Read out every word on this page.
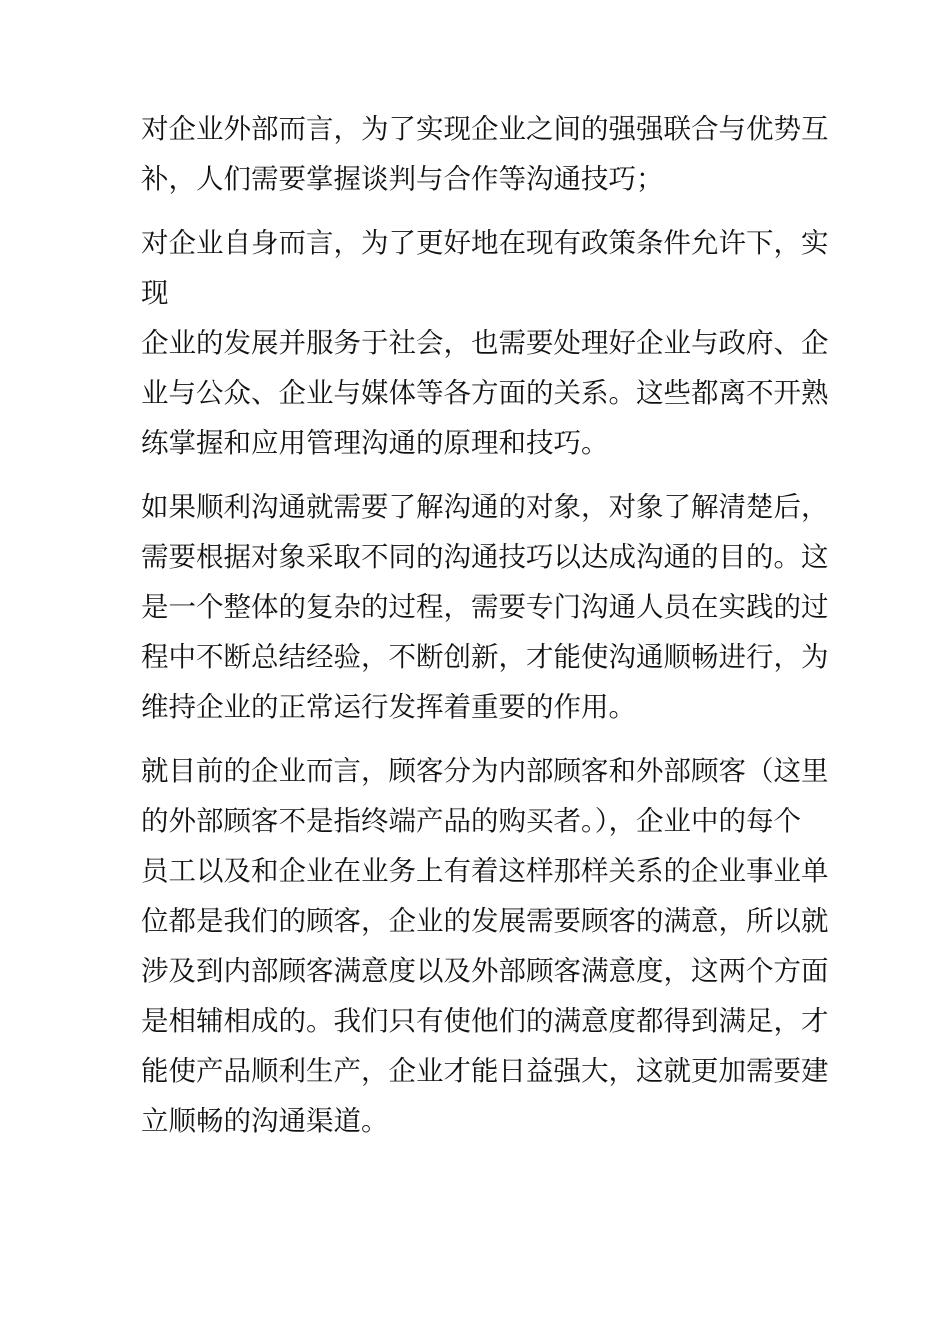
对企业外部而言，为了实现企业之间的强强联合与优势互
补，人们需要掌握谈判与合作等沟通技巧；

对企业自身而言，为了更好地在现有政策条件允许下，实
现
企业的发展并服务于社会，也需要处理好企业与政府、企
业与公众、企业与媒体等各方面的关系。这些都离不开熟
练掌握和应用管理沟通的原理和技巧。

如果顺利沟通就需要了解沟通的对象，对象了解清楚后，
需要根据对象采取不同的沟通技巧以达成沟通的目的。这
是一个整体的复杂的过程，需要专门沟通人员在实践的过
程中不断总结经验，不断创新，才能使沟通顺畅进行，为
维持企业的正常运行发挥着重要的作用。

就目前的企业而言，顾客分为内部顾客和外部顾客（这里
的外部顾客不是指终端产品的购买者。），企业中的每个
员工以及和企业在业务上有着这样那样关系的企业事业单
位都是我们的顾客，企业的发展需要顾客的满意，所以就
涉及到内部顾客满意度以及外部顾客满意度，这两个方面
是相辅相成的。我们只有使他们的满意度都得到满足，才
能使产品顺利生产，企业才能日益强大，这就更加需要建
立顺畅的沟通渠道。
